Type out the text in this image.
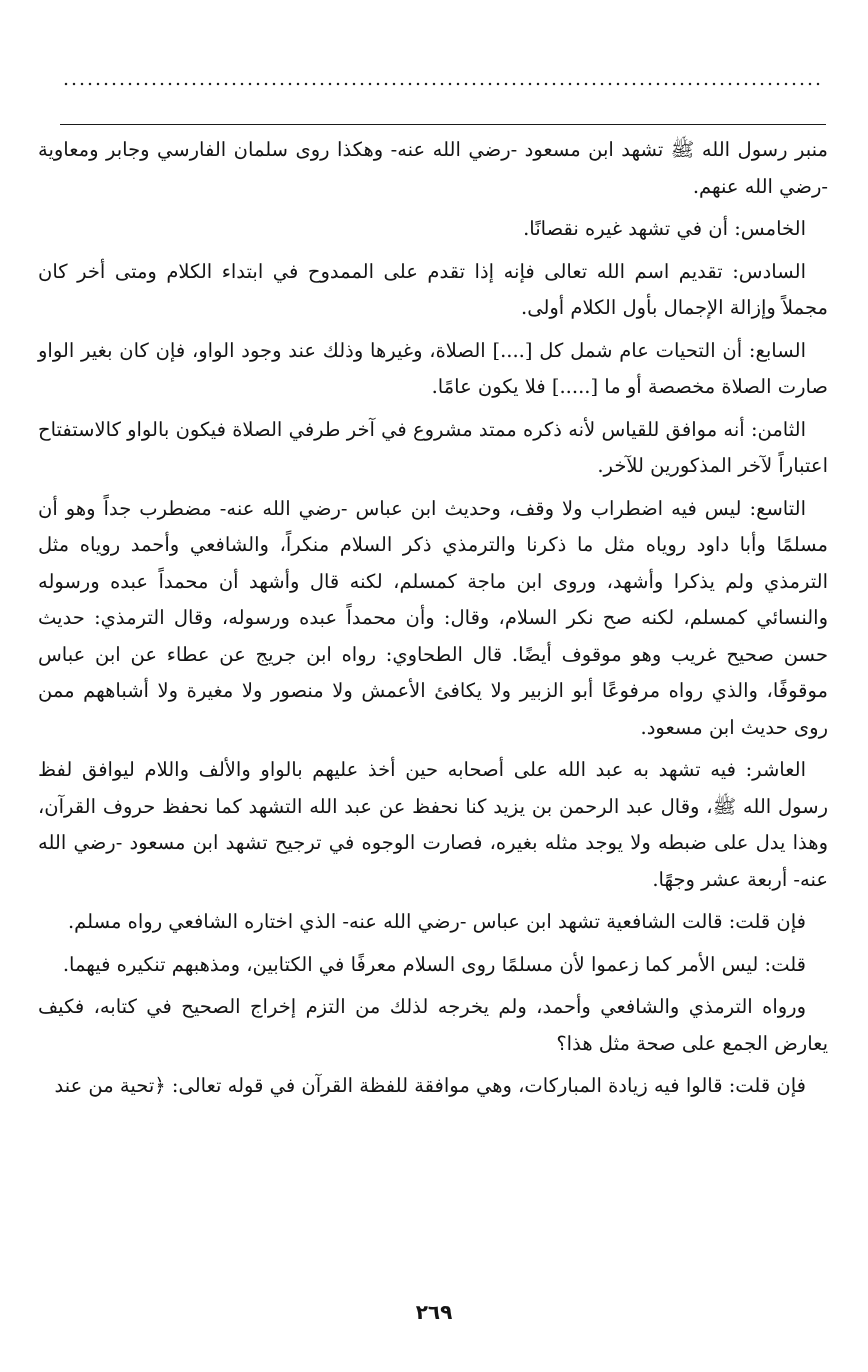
منبر رسول الله ﷺ تشهد ابن مسعود -رضي الله عنه- وهكذا روى سلمان الفارسي وجابر ومعاوية -رضي الله عنهم.

الخامس: أن في تشهد غيره نقصانًا.

السادس: تقديم اسم الله تعالى فإنه إذا تقدم على الممدوح في ابتداء الكلام ومتى أخر كان مجملاً وإزالة الإجمال بأول الكلام أولى.

السابع: أن التحيات عام شمل كل [....] الصلاة، وغيرها وذلك عند وجود الواو، فإن كان بغير الواو صارت الصلاة مخصصة أو ما [.....] فلا يكون عامًا.

الثامن: أنه موافق للقياس لأنه ذكره ممتد مشروع في آخر طرفي الصلاة فيكون بالواو كالاستفتاح اعتباراً لآخر المذكورين للآخر.

التاسع: ليس فيه اضطراب ولا وقف، وحديث ابن عباس -رضي الله عنه- مضطرب جداً وهو أن مسلمًا وأبا داود روياه مثل ما ذكرنا والترمذي ذكر السلام منكراً، والشافعي وأحمد روياه مثل الترمذي ولم يذكرا وأشهد، وروى ابن ماجة كمسلم، لكنه قال وأشهد أن محمداً عبده ورسوله والنسائي كمسلم، لكنه صح نكر السلام، وقال: وأن محمداً عبده ورسوله، وقال الترمذي: حديث حسن صحيح غريب وهو موقوف أيضًا. قال الطحاوي: رواه ابن جريج عن عطاء عن ابن عباس موقوفًا، والذي رواه مرفوعًا أبو الزبير ولا يكافئ الأعمش ولا منصور ولا مغيرة ولا أشباههم ممن روى حديث ابن مسعود.

العاشر: فيه تشهد به عبد الله على أصحابه حين أخذ عليهم بالواو والألف واللام ليوافق لفظ رسول الله ﷺ، وقال عبد الرحمن بن يزيد كنا نحفظ عن عبد الله التشهد كما نحفظ حروف القرآن، وهذا يدل على ضبطه ولا يوجد مثله بغيره، فصارت الوجوه في ترجيح تشهد ابن مسعود -رضي الله عنه- أربعة عشر وجهًا.

فإن قلت: قالت الشافعية تشهد ابن عباس -رضي الله عنه- الذي اختاره الشافعي رواه مسلم.

قلت: ليس الأمر كما زعموا لأن مسلمًا روى السلام معرفًا في الكتابين، ومذهبهم تنكيره فيهما.

ورواه الترمذي والشافعي وأحمد، ولم يخرجه لذلك من التزم إخراج الصحيح في كتابه، فكيف يعارض الجمع على صحة مثل هذا؟

فإن قلت: قالوا فيه زيادة المباركات، وهي موافقة للفظة القرآن في قوله تعالى: ﴿تحية من عند

٢٦٩
